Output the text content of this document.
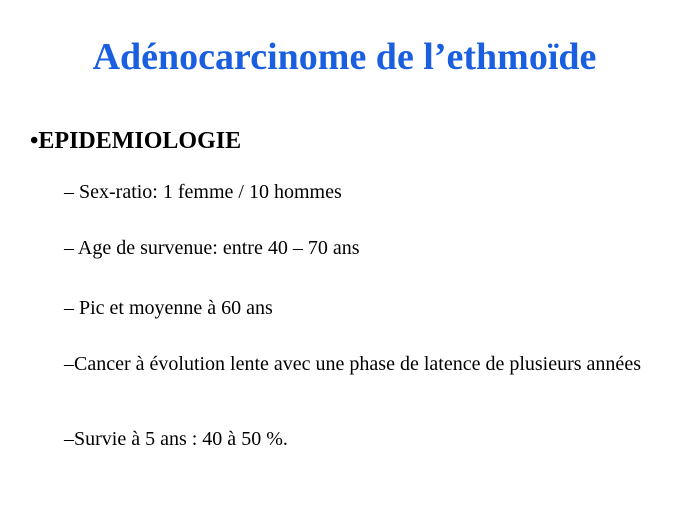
Adénocarcinome de l’ethmoïde
•EPIDEMIOLOGIE
– Sex-ratio: 1 femme / 10 hommes
– Age de survenue: entre 40 – 70 ans
– Pic et moyenne à 60 ans
–Cancer à évolution lente avec une phase de latence de plusieurs années
–Survie à 5 ans : 40 à 50 %.
